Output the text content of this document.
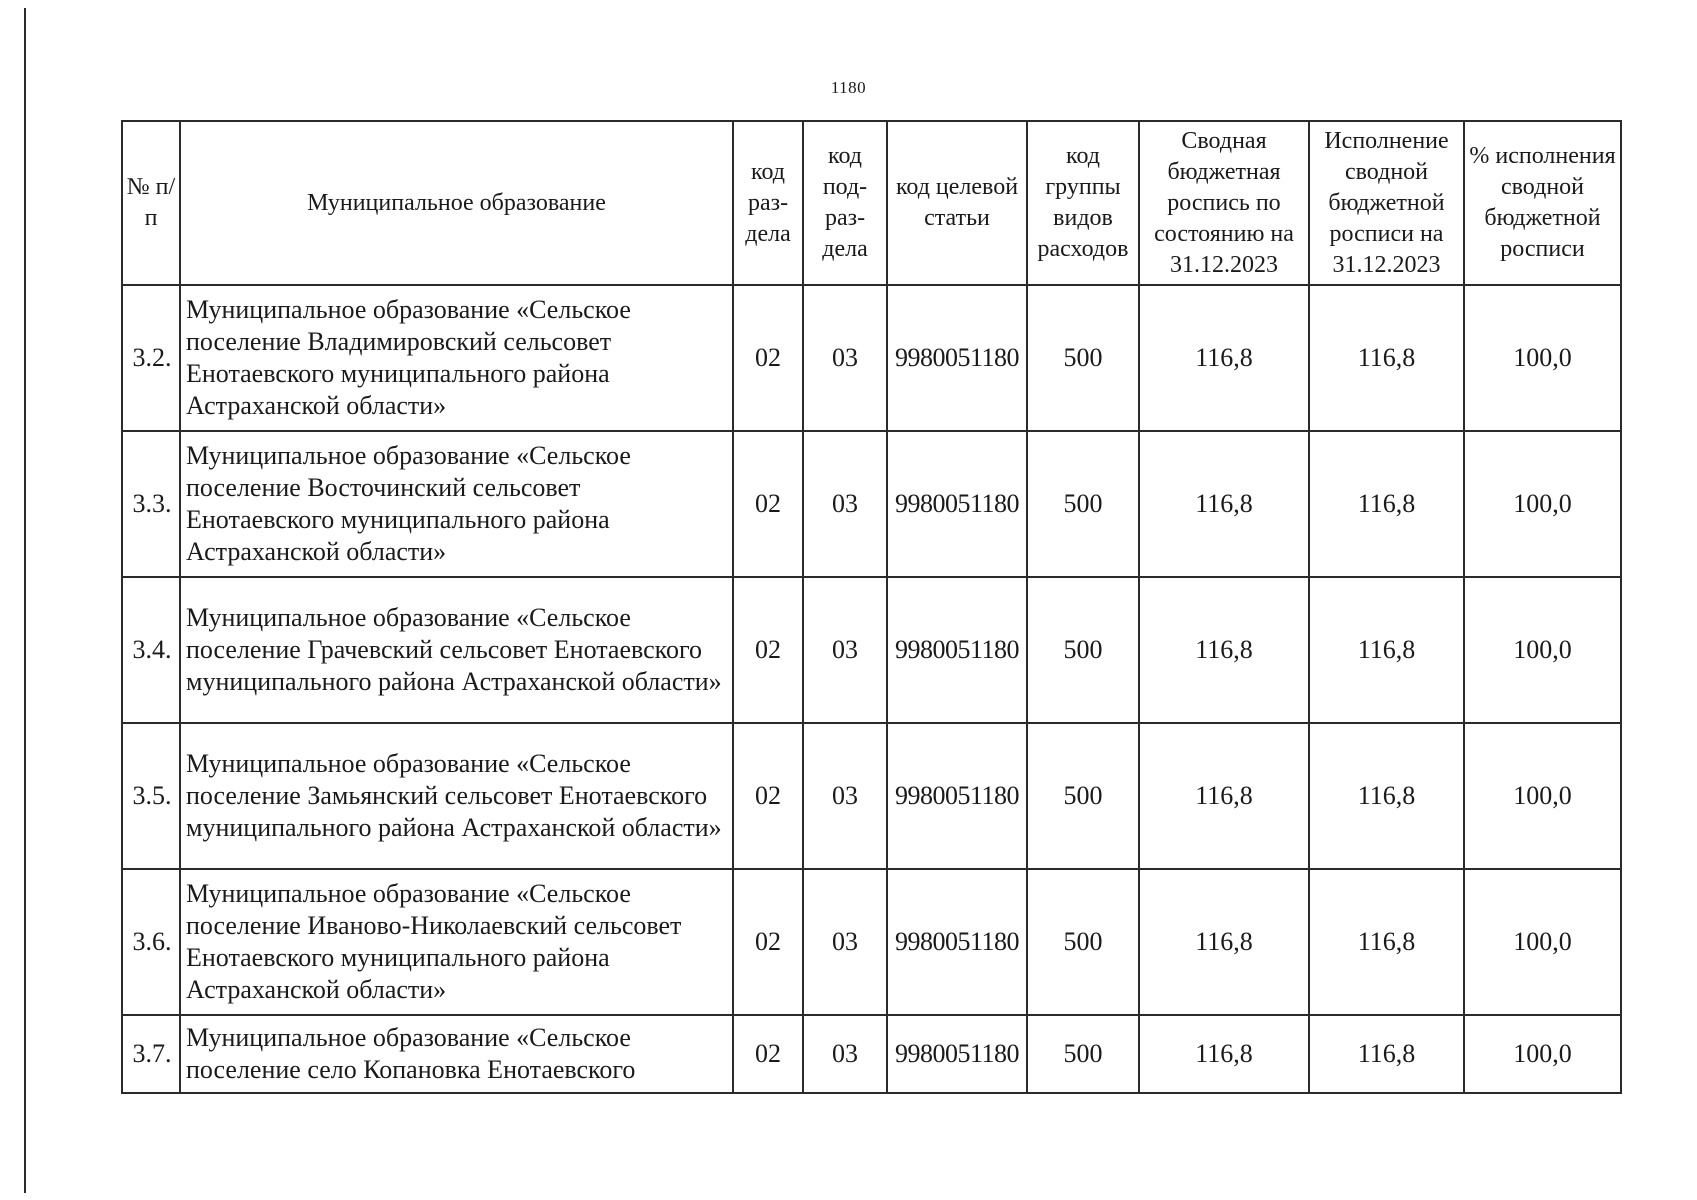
1180
№ п/п	Муниципальное образование	код раз-дела	код под-раз-дела	код целевой статьи	код группы видов расходов	Сводная бюджетная роспись по состоянию на 31.12.2023	Исполнение сводной бюджетной росписи на 31.12.2023	% исполнения сводной бюджетной росписи
3.2.	Муниципальное образование «Сельское поселение Владимировский сельсовет Енотаевского муниципального района Астраханской области»	02	03	9980051180	500	116,8	116,8	100,0
3.3.	Муниципальное образование «Сельское поселение Восточинский сельсовет Енотаевского муниципального района Астраханской области»	02	03	9980051180	500	116,8	116,8	100,0
3.4.	Муниципальное образование «Сельское поселение Грачевский сельсовет Енотаевского муниципального района Астраханской области»	02	03	9980051180	500	116,8	116,8	100,0
3.5.	Муниципальное образование «Сельское поселение Замьянский сельсовет Енотаевского муниципального района Астраханской области»	02	03	9980051180	500	116,8	116,8	100,0
3.6.	Муниципальное образование «Сельское поселение Иваново-Николаевский сельсовет Енотаевского муниципального района Астраханской области»	02	03	9980051180	500	116,8	116,8	100,0
3.7.	Муниципальное образование «Сельское поселение село Копановка Енотаевского	02	03	9980051180	500	116,8	116,8	100,0
